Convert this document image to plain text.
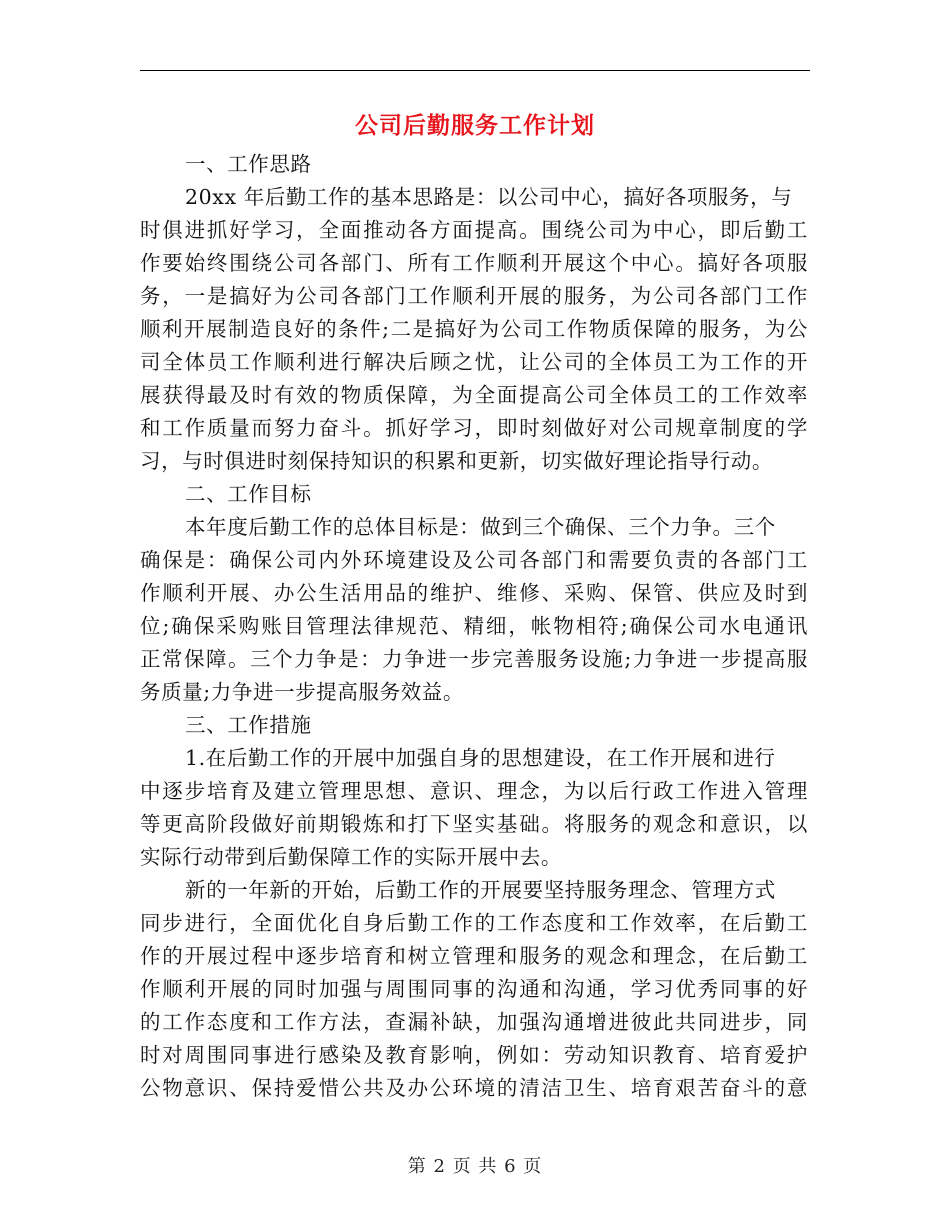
公司后勤服务工作计划
一、工作思路
20xx 年后勤工作的基本思路是：以公司中心，搞好各项服务，与
时俱进抓好学习，全面推动各方面提高。围绕公司为中心，即后勤工
作要始终围绕公司各部门、所有工作顺利开展这个中心。搞好各项服
务，一是搞好为公司各部门工作顺利开展的服务，为公司各部门工作
顺利开展制造良好的条件;二是搞好为公司工作物质保障的服务，为公
司全体员工作顺利进行解决后顾之忧，让公司的全体员工为工作的开
展获得最及时有效的物质保障，为全面提高公司全体员工的工作效率
和工作质量而努力奋斗。抓好学习，即时刻做好对公司规章制度的学
习，与时俱进时刻保持知识的积累和更新，切实做好理论指导行动。
二、工作目标
本年度后勤工作的总体目标是：做到三个确保、三个力争。三个
确保是：确保公司内外环境建设及公司各部门和需要负责的各部门工
作顺利开展、办公生活用品的维护、维修、采购、保管、供应及时到
位;确保采购账目管理法律规范、精细，帐物相符;确保公司水电通讯
正常保障。三个力争是：力争进一步完善服务设施;力争进一步提高服
务质量;力争进一步提高服务效益。
三、工作措施
1.在后勤工作的开展中加强自身的思想建设，在工作开展和进行
中逐步培育及建立管理思想、意识、理念，为以后行政工作进入管理
等更高阶段做好前期锻炼和打下坚实基础。将服务的观念和意识，以
实际行动带到后勤保障工作的实际开展中去。
新的一年新的开始，后勤工作的开展要坚持服务理念、管理方式
同步进行，全面优化自身后勤工作的工作态度和工作效率，在后勤工
作的开展过程中逐步培育和树立管理和服务的观念和理念，在后勤工
作顺利开展的同时加强与周围同事的沟通和沟通，学习优秀同事的好
的工作态度和工作方法，查漏补缺，加强沟通增进彼此共同进步，同
时对周围同事进行感染及教育影响，例如：劳动知识教育、培育爱护
公物意识、保持爱惜公共及办公环境的清洁卫生、培育艰苦奋斗的意
第 2 页 共 6 页
